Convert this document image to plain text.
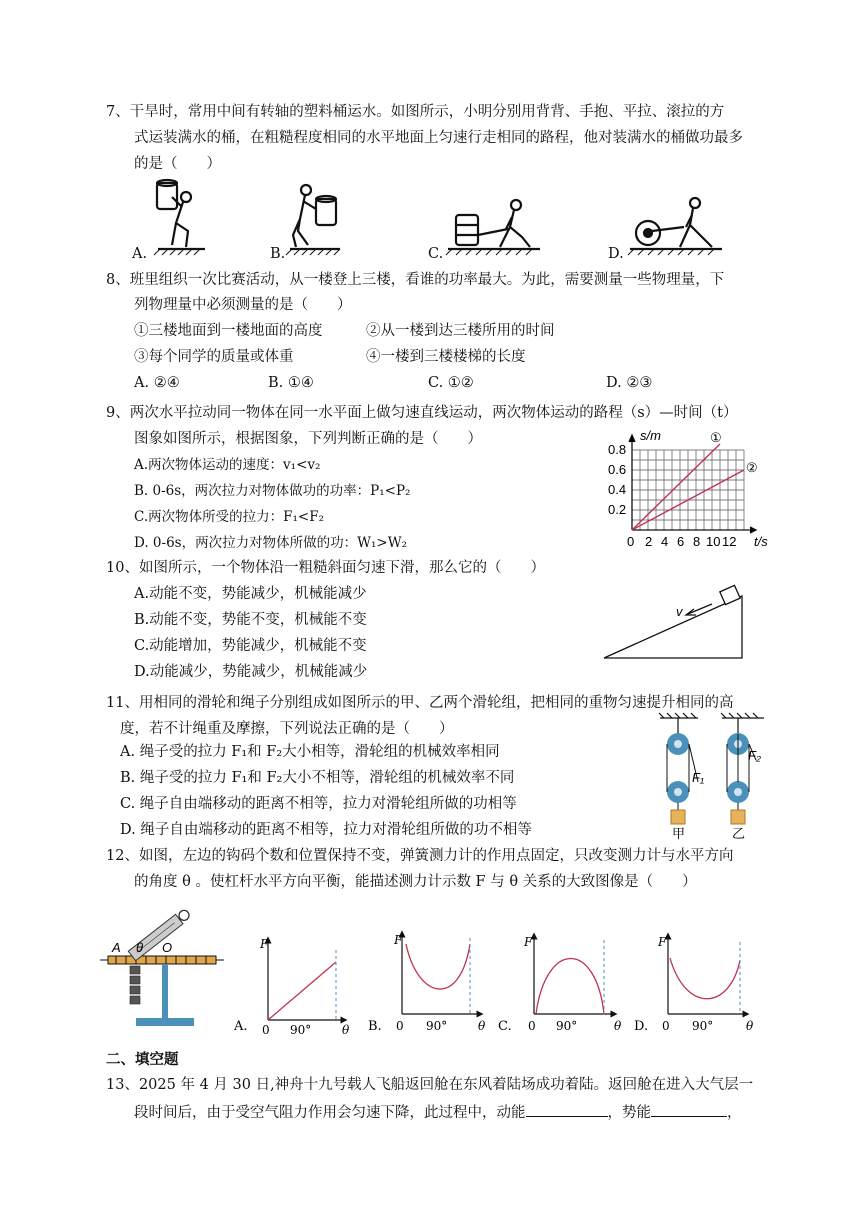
7、干旱时，常用中间有转轴的塑料桶运水。如图所示，小明分别用背背、手抱、平拉、滚拉的方
式运装满水的桶，在粗糙程度相同的水平地面上匀速行走相同的路程，他对装满水的桶做功最多
的是（　　）
A.	B.	C.	D.
8、班里组织一次比赛活动，从一楼登上三楼，看谁的功率最大。为此，需要测量一些物理量，下
列物理量中必须测量的是（　　）
①三楼地面到一楼地面的高度	②从一楼到达三楼所用的时间
③每个同学的质量或体重	④一楼到三楼楼梯的长度
A. ②④	B. ①④	C. ①②	D. ②③
9、两次水平拉动同一物体在同一水平面上做匀速直线运动，两次物体运动的路程（s）—时间（t）
图象如图所示，根据图象，下列判断正确的是（　　）
A.两次物体运动的速度：v₁<v₂
B. 0-6s，两次拉力对物体做功的功率：P₁<P₂
C.两次物体所受的拉力：F₁<F₂
D. 0-6s，两次拉力对物体所做的功：W₁>W₂
s/m
t/s
0.8
0.6
0.4
0.2
0 2 4 6 8 10 12
①
②
10、如图所示，一个物体沿一粗糙斜面匀速下滑，那么它的（　　）
A.动能不变，势能减少，机械能减少
B.动能不变，势能不变，机械能不变
C.动能增加，势能减少，机械能不变
D.动能减少，势能减少，机械能减少
v
11、用相同的滑轮和绳子分别组成如图所示的甲、乙两个滑轮组，把相同的重物匀速提升相同的高
度，若不计绳重及摩擦，下列说法正确的是（　　）
A. 绳子受的拉力 F₁和 F₂大小相等，滑轮组的机械效率相同
B. 绳子受的拉力 F₁和 F₂大小不相等，滑轮组的机械效率不同
C. 绳子自由端移动的距离不相等，拉力对滑轮组所做的功相等
D. 绳子自由端移动的距离不相等，拉力对滑轮组所做的功不相等
F₁
F₂
甲	乙
12、如图，左边的钩码个数和位置保持不变，弹簧测力计的作用点固定，只改变测力计与水平方向
的角度 θ 。使杠杆水平方向平衡，能描述测力计示数 F 与 θ 关系的大致图像是（　　）
A θ O
A.
F
0 90°	θ B.
F
0 90°	θ C.
F
0 90°	θ D.
F
0 90°	θ
二、填空题
13、2025 年 4 月 30 日,神舟十九号载人飞船返回舱在东风着陆场成功着陆。返回舱在进入大气层一
段时间后，由于受空气阻力作用会匀速下降，此过程中，动能	，势能	，
